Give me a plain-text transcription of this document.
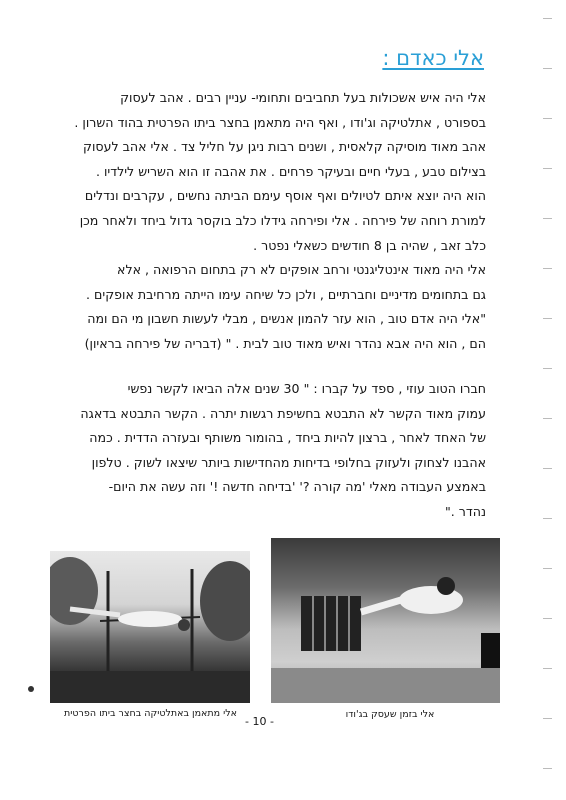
אלי כאדם :
אלי היה איש אשכולות בעל תחביבים ותחומי- עניין רבים . אהב לעסוק
בספורט , אתלטיקה וג'ודו , ואף היה מתאמן בחצר ביתו הפרטית בהוד השרון .
אהב מאוד מוסיקה קלאסית , ושנים רבות ניגן על חליל צד . אלי אהב לעסוק
בצילום טבע , בעלי חיים ובעיקר פרחים . את אהבה זו הוא השריש לילדיו .
הוא היה יוצא איתם לטיולים ואף אוסף עימם הביתה נחשים , עקרבים ונדלים
למורת רוחה של פירחה . אלי ופירחה גידלו כלב בוקסר גדול ביחד ולאחר מכן
כלב זאב , שהיה בן 8 חודשים כשאלי נפטר .
אלי היה מאוד אינטליגנטי ורחב אופקים לא רק בתחום הרפואה , אלא
גם בתחומים מדיניים וחברתיים , ולכן כל שיחה עימו הייתה מרחיבת אופקים .
"אלי היה אדם טוב , הוא עזר להמון אנשים , מבלי לעשות חשבון מי הם ומה
הם , הוא היה אבא נהדר ואיש מאוד טוב לבית . " (דבריה של פירחה בראיון)
חברו הטוב עוזי , ספד על קברו : " 30 שנים אלה הביאו לקשר נפשי
עמוק מאוד הקשר לא התבטא בחשיפת רגשות יתרה . הקשר התבטא בדאגה
של האחד לאחר , ברצון להיות ביחד , בהומור משותף ובעזרה הדדית . כמה
אהבנו לצחוק ולעזוק בחלופי בדיחות מהחדישות ביותר שיצאו לשוק . טלפון
באמצע העבודה מאלי 'מה קורה ?' 'בדיחה חדשה !' וזה עשה את היום-
נהדר ."
אלי מתאמן באתלטיקה בחצר ביתו הפרטית	אלי בזמן שעסק בג'ודו
- 10 -
